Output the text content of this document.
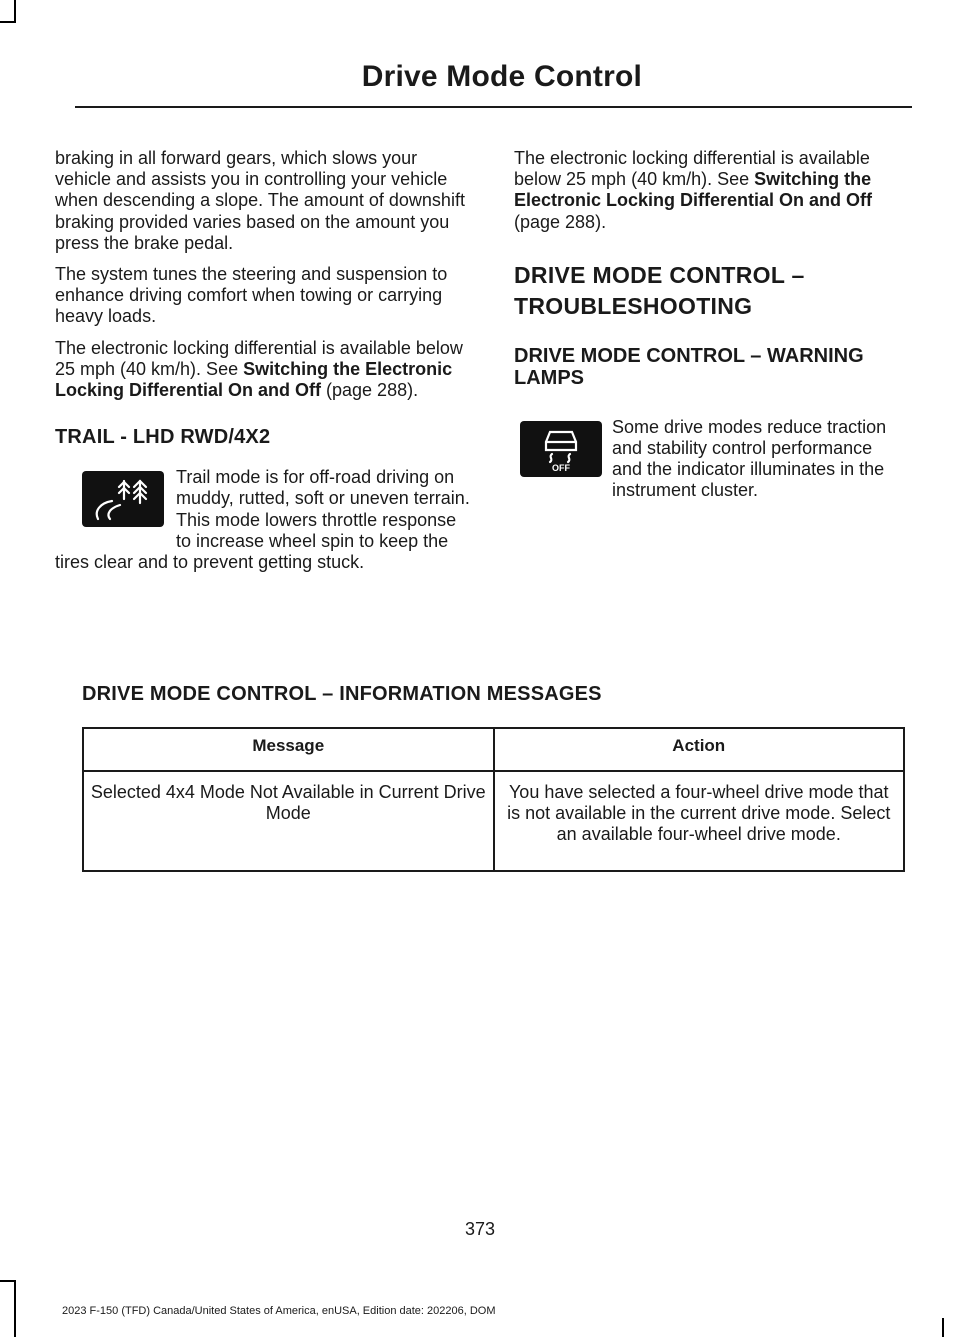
Drive Mode Control

braking in all forward gears, which slows your vehicle and assists you in controlling your vehicle when descending a slope. The amount of downshift braking provided varies based on the amount you press the brake pedal.

The system tunes the steering and suspension to enhance driving comfort when towing or carrying heavy loads.

The electronic locking differential is available below 25 mph (40 km/h). See Switching the Electronic Locking Differential On and Off (page 288).

TRAIL - LHD RWD/4X2

Trail mode is for off-road driving on muddy, rutted, soft or uneven terrain. This mode lowers throttle response to increase wheel spin to keep the tires clear and to prevent getting stuck.

The electronic locking differential is available below 25 mph (40 km/h). See Switching the Electronic Locking Differential On and Off (page 288).

DRIVE MODE CONTROL –
TROUBLESHOOTING
DRIVE MODE CONTROL – WARNING LAMPS
OFF

Some drive modes reduce traction and stability control performance and the indicator illuminates in the instrument cluster.

DRIVE MODE CONTROL – INFORMATION MESSAGES
Message	Action
Selected 4x4 Mode Not Available in Current Drive Mode	You have selected a four-wheel drive mode that is not available in the current drive mode. Select an available four-wheel drive mode.
373
2023 F-150 (TFD) Canada/United States of America, enUSA, Edition date: 202206, DOM
